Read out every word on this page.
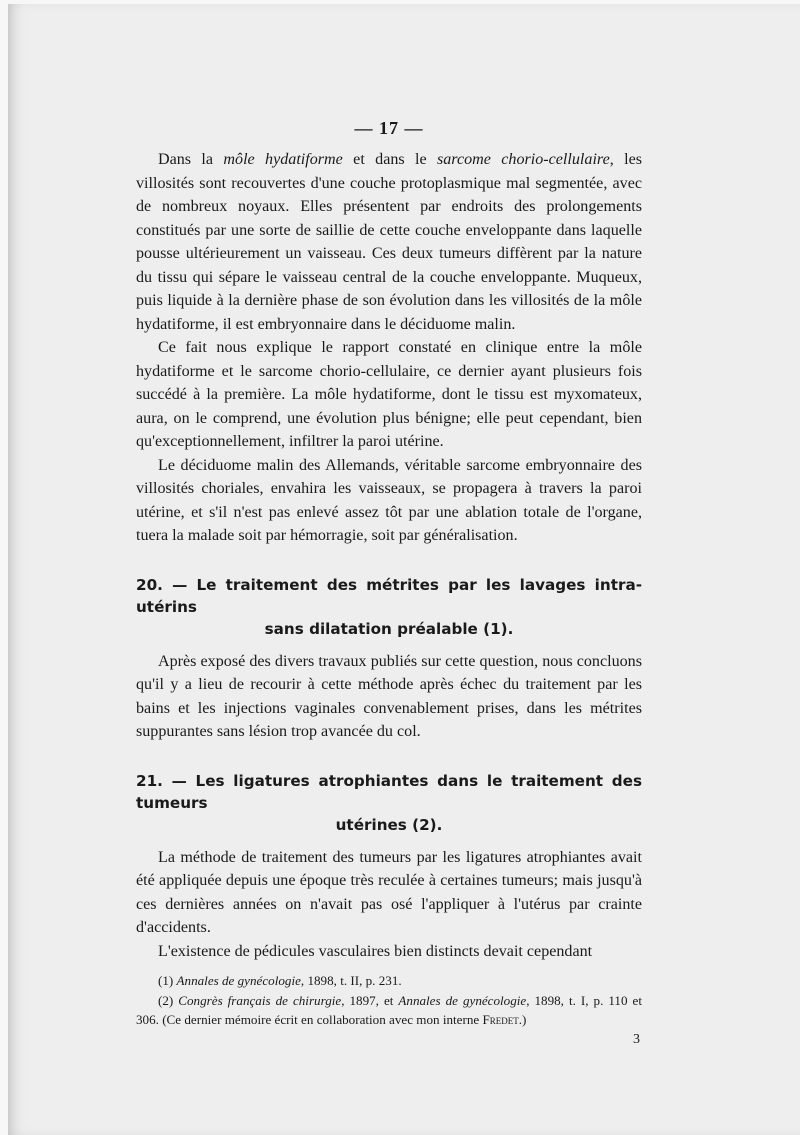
— 17 —

Dans la môle hydatiforme et dans le sarcome chorio-cellulaire, les villosités sont recouvertes d'une couche protoplasmique mal segmentée, avec de nombreux noyaux. Elles présentent par endroits des prolongements constitués par une sorte de saillie de cette couche enveloppante dans laquelle pousse ultérieurement un vaisseau. Ces deux tumeurs diffèrent par la nature du tissu qui sépare le vaisseau central de la couche enveloppante. Muqueux, puis liquide à la dernière phase de son évolution dans les villosités de la môle hydatiforme, il est embryonnaire dans le déciduome malin.

Ce fait nous explique le rapport constaté en clinique entre la môle hydatiforme et le sarcome chorio-cellulaire, ce dernier ayant plusieurs fois succédé à la première. La môle hydatiforme, dont le tissu est myxomateux, aura, on le comprend, une évolution plus bénigne; elle peut cependant, bien qu'exceptionnellement, infiltrer la paroi utérine.

Le déciduome malin des Allemands, véritable sarcome embryonnaire des villosités choriales, envahira les vaisseaux, se propagera à travers la paroi utérine, et s'il n'est pas enlevé assez tôt par une ablation totale de l'organe, tuera la malade soit par hémorragie, soit par généralisation.

20. — Le traitement des métrites par les lavages intra-utérins
sans dilatation préalable (1).

Après exposé des divers travaux publiés sur cette question, nous concluons qu'il y a lieu de recourir à cette méthode après échec du traitement par les bains et les injections vaginales convenablement prises, dans les métrites suppurantes sans lésion trop avancée du col.

21. — Les ligatures atrophiantes dans le traitement des tumeurs
utérines (2).

La méthode de traitement des tumeurs par les ligatures atrophiantes avait été appliquée depuis une époque très reculée à certaines tumeurs; mais jusqu'à ces dernières années on n'avait pas osé l'appliquer à l'utérus par crainte d'accidents.

L'existence de pédicules vasculaires bien distincts devait cependant

(1) Annales de gynécologie, 1898, t. II, p. 231.

(2) Congrès français de chirurgie, 1897, et Annales de gynécologie, 1898, t. I, p. 110 et 306. (Ce dernier mémoire écrit en collaboration avec mon interne Fredet.)

3
